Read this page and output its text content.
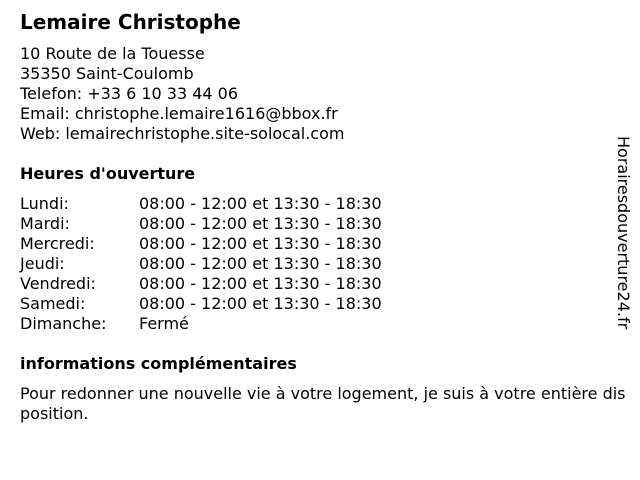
Lemaire Christophe
10 Route de la Touesse
35350 Saint-Coulomb
Telefon: +33 6 10 33 44 06
Email: christophe.lemaire1616@bbox.fr
Web: lemairechristophe.site-solocal.com
Heures d'ouverture
Lundi:	08:00 - 12:00 et 13:30 - 18:30
Mardi:	08:00 - 12:00 et 13:30 - 18:30
Mercredi:	08:00 - 12:00 et 13:30 - 18:30
Jeudi:	08:00 - 12:00 et 13:30 - 18:30
Vendredi:	08:00 - 12:00 et 13:30 - 18:30
Samedi:	08:00 - 12:00 et 13:30 - 18:30
Dimanche: Fermé
informations complémentaires
Pour redonner une nouvelle vie à votre logement, je suis à votre entière disposition.
Horairesdouverture24.fr
